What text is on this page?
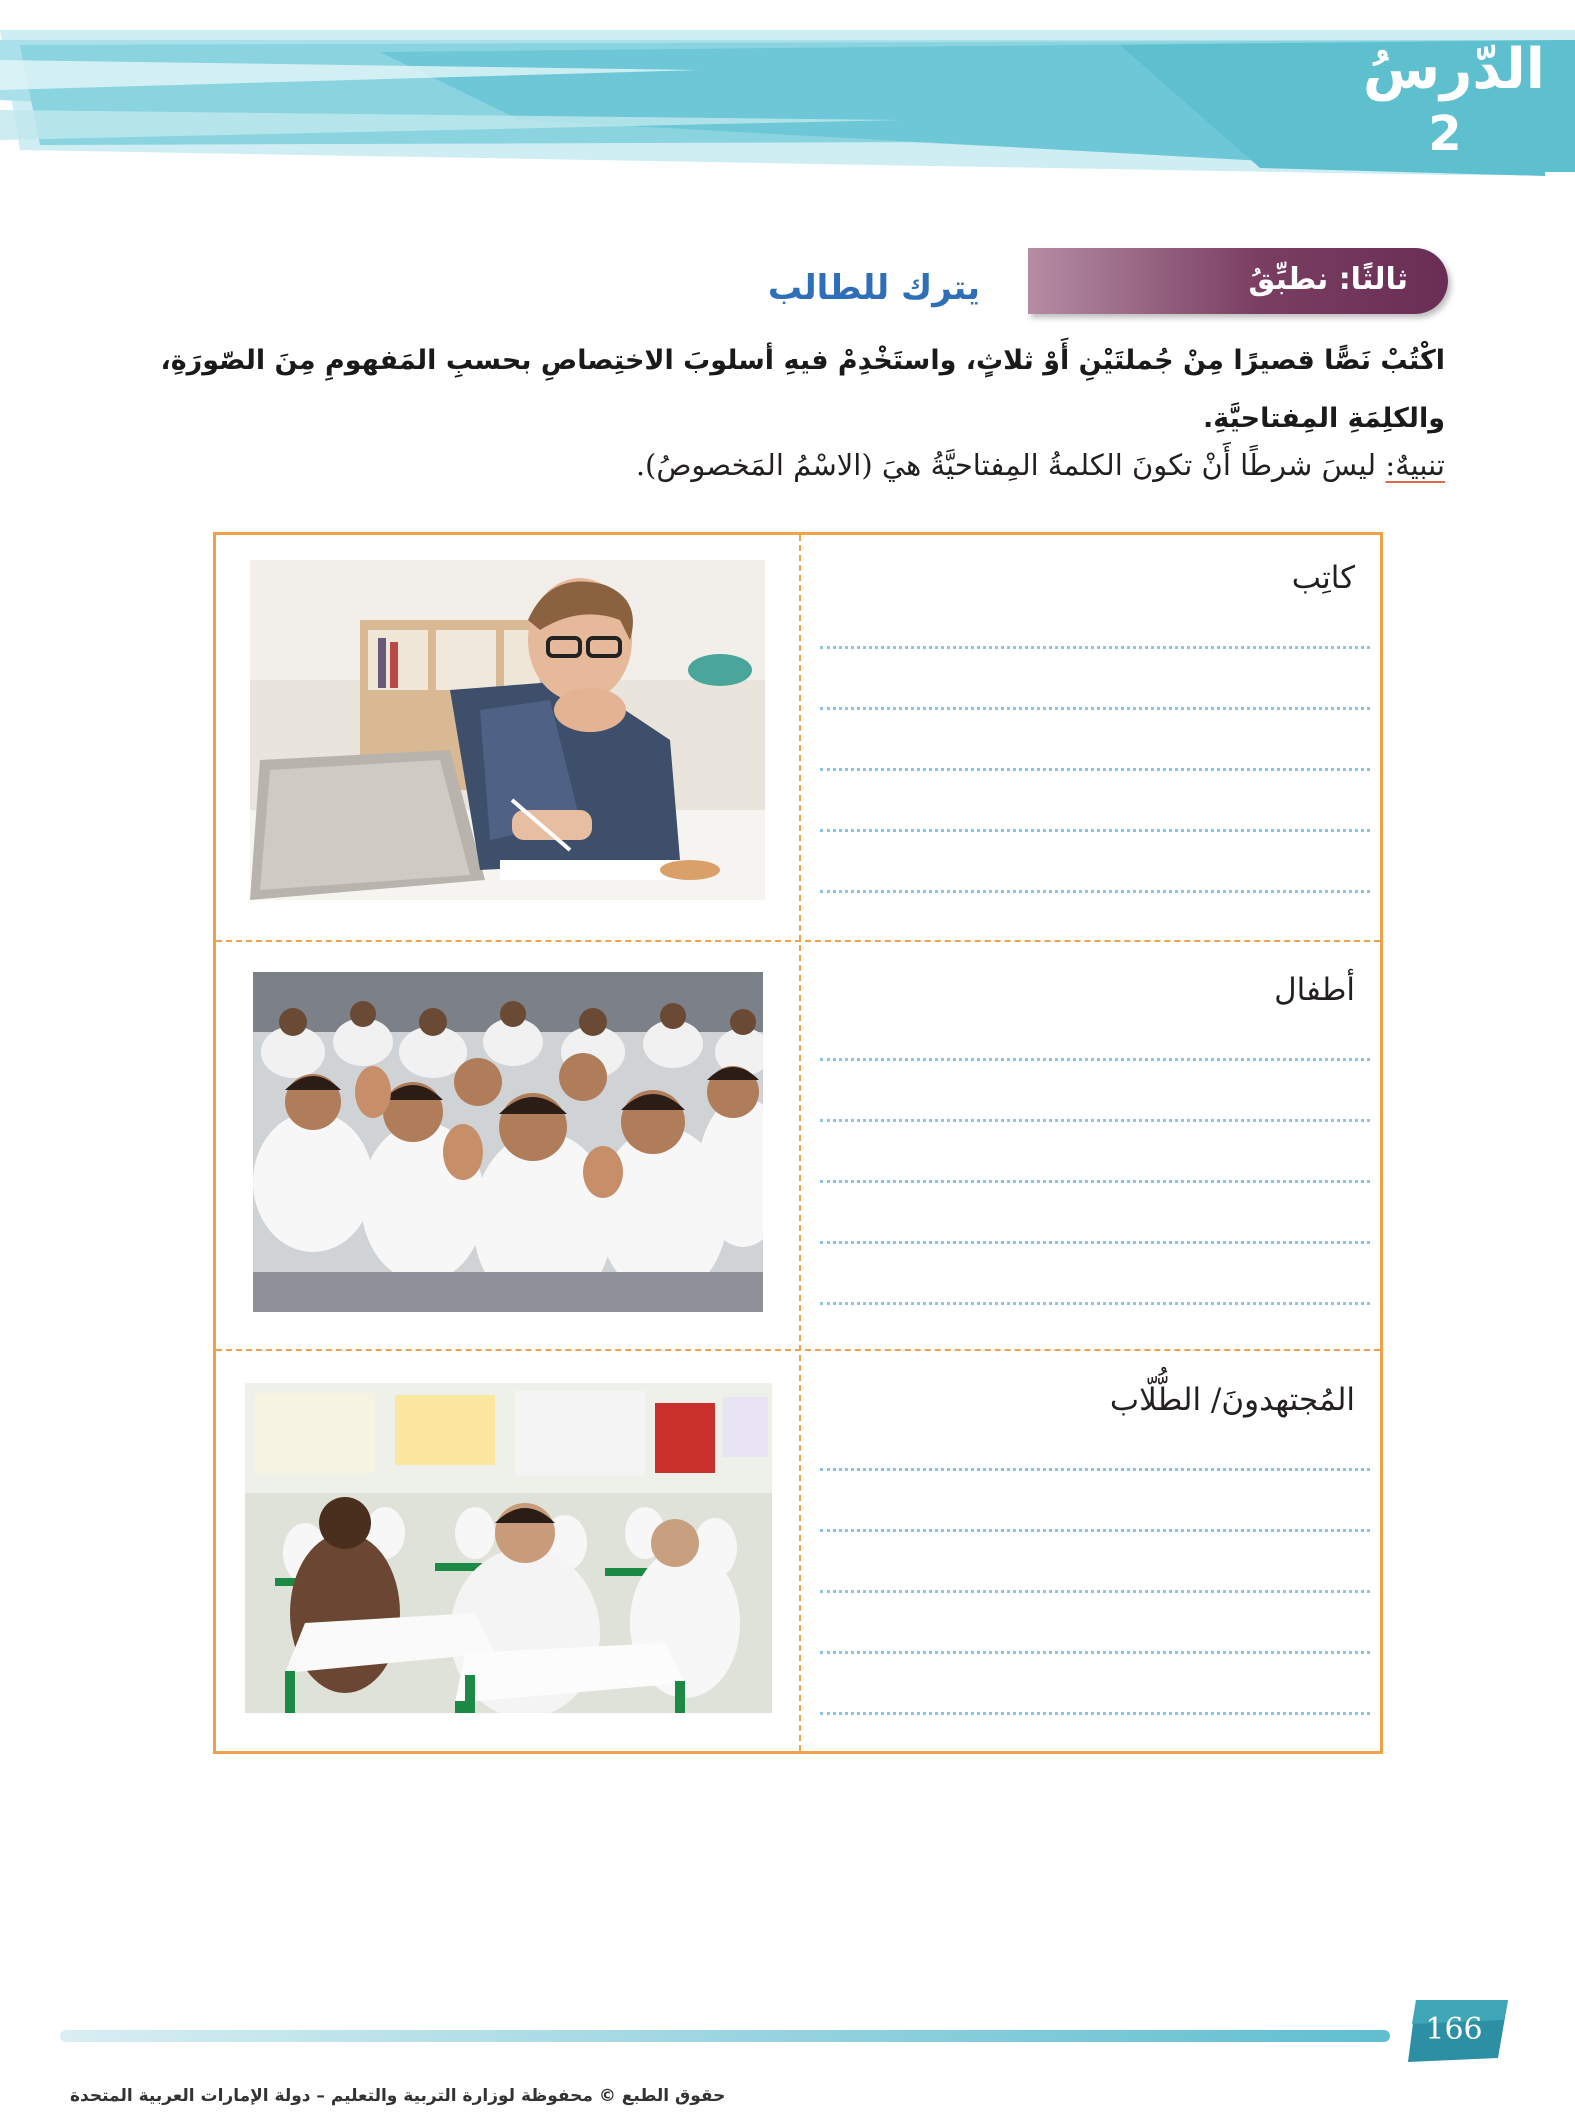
الدّرسُ
2
ثالثًا: نطبِّقُ
يترك للطالب
اكْتُبْ نَصًّا قصيرًا مِنْ جُملتَيْنِ أَوْ ثلاثٍ، واستَخْدِمْ فيهِ أسلوبَ الاختِصاصِ بحسبِ المَفهومِ مِنَ الصّورَةِ،
والكلِمَةِ المِفتاحيَّةِ.
تنبيهٌ: ليسَ شرطًا أَنْ تكونَ الكلمةُ المِفتاحيَّةُ هيَ (الاسْمُ المَخصوصُ).
كاتِب
أطفال
المُجتهدونَ/ الطُّلّاب
166
حقوق الطبع © محفوظة لوزارة التربية والتعليم – دولة الإمارات العربية المتحدة
